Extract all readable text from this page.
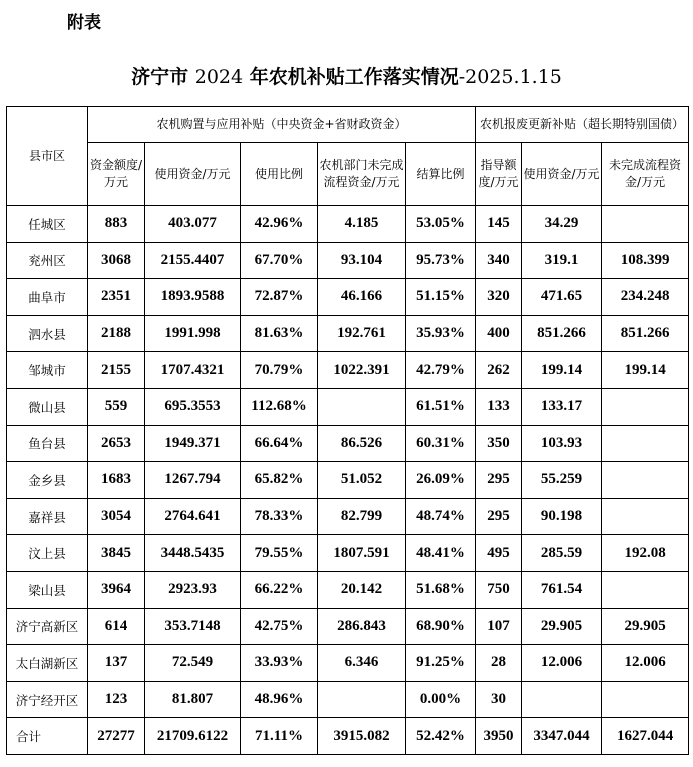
附表
济宁市 2024 年农机补贴工作落实情况-2025.1.15
县市区	农机购置与应用补贴（中央资金+省财政资金）					农机报废更新补贴（超长期特别国债）		
	资金额度/万元	使用资金/万元	使用比例	农机部门未完成流程资金/万元	结算比例	指导额度/万元	使用资金/万元	未完成流程资金/万元
任城区	883	403.077	42.96%	4.185	53.05%	145	34.29	
兖州区	3068	2155.4407	67.70%	93.104	95.73%	340	319.1	108.399
曲阜市	2351	1893.9588	72.87%	46.166	51.15%	320	471.65	234.248
泗水县	2188	1991.998	81.63%	192.761	35.93%	400	851.266	851.266
邹城市	2155	1707.4321	70.79%	1022.391	42.79%	262	199.14	199.14
微山县	559	695.3553	112.68%		61.51%	133	133.17	
鱼台县	2653	1949.371	66.64%	86.526	60.31%	350	103.93	
金乡县	1683	1267.794	65.82%	51.052	26.09%	295	55.259	
嘉祥县	3054	2764.641	78.33%	82.799	48.74%	295	90.198	
汶上县	3845	3448.5435	79.55%	1807.591	48.41%	495	285.59	192.08
梁山县	3964	2923.93	66.22%	20.142	51.68%	750	761.54	
济宁高新区	614	353.7148	42.75%	286.843	68.90%	107	29.905	29.905
太白湖新区	137	72.549	33.93%	6.346	91.25%	28	12.006	12.006
济宁经开区	123	81.807	48.96%		0.00%	30		
合计	27277	21709.6122	71.11%	3915.082	52.42%	3950	3347.044	1627.044
